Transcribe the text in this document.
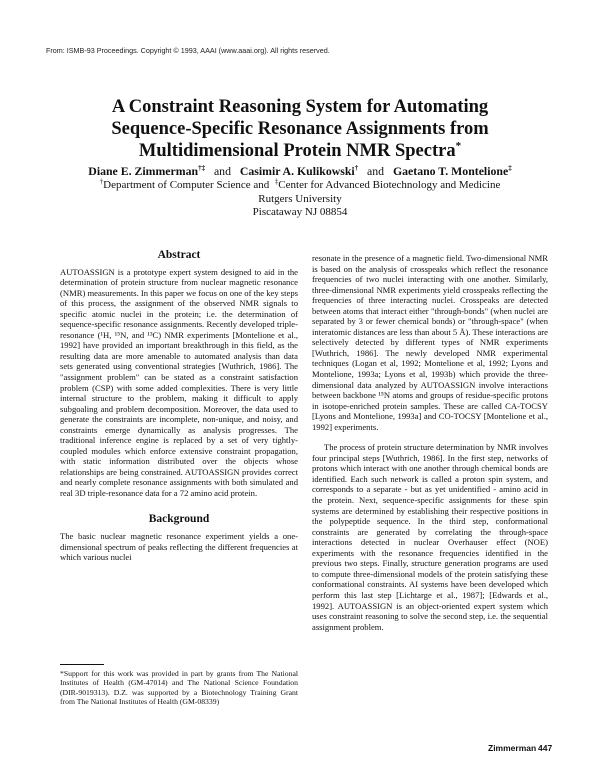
From: ISMB-93 Proceedings. Copyright © 1993, AAAI (www.aaai.org). All rights reserved.
A Constraint Reasoning System for Automating
Sequence-Specific Resonance Assignments from
Multidimensional Protein NMR Spectra*
Diane E. Zimmerman†‡ and Casimir A. Kulikowski† and Gaetano T. Montelione‡
†Department of Computer Science and ‡Center for Advanced Biotechnology and Medicine
Rutgers University
Piscataway NJ 08854

Abstract

AUTOASSIGN is a prototype expert system designed to aid in the determination of protein structure from nuclear magnetic resonance (NMR) measurements. In this paper we focus on one of the key steps of this process, the assignment of the observed NMR signals to specific atomic nuclei in the protein; i.e. the determination of sequence-specific resonance assignments. Recently developed triple-resonance (¹H, ¹⁵N, and ¹³C) NMR experiments [Montelione et al., 1992] have provided an important breakthrough in this field, as the resulting data are more amenable to automated analysis than data sets generated using conventional strategies [Wuthrich, 1986]. The "assignment problem" can be stated as a constraint satisfaction problem (CSP) with some added complexities. There is very little internal structure to the problem, making it difficult to apply subgoaling and problem decomposition. Moreover, the data used to generate the constraints are incomplete, non-unique, and noisy, and constraints emerge dynamically as analysis progresses. The traditional inference engine is replaced by a set of very tightly-coupled modules which enforce extensive constraint propagation, with static information distributed over the objects whose relationships are being constrained. AUTOASSIGN provides correct and nearly complete resonance assignments with both simulated and real 3D triple-resonance data for a 72 amino acid protein.

Background

The basic nuclear magnetic resonance experiment yields a one-dimensional spectrum of peaks reflecting the different frequencies at which various nuclei

*Support for this work was provided in part by grants from The National Institutes of Health (GM-47014) and The National Science Foundation (DIR-9019313). D.Z. was supported by a Biotechnology Training Grant from The National Institutes of Health (GM-08339)

resonate in the presence of a magnetic field. Two-dimensional NMR is based on the analysis of crosspeaks which reflect the resonance frequencies of two nuclei interacting with one another. Similarly, three-dimensional NMR experiments yield crosspeaks reflecting the frequencies of three interacting nuclei. Crosspeaks are detected between atoms that interact either "through-bonds" (when nuclei are separated by 3 or fewer chemical bonds) or "through-space" (when interatomic distances are less than about 5 Å). These interactions are selectively detected by different types of NMR experiments [Wuthrich, 1986]. The newly developed NMR experimental techniques (Logan et al, 1992; Montelione et al, 1992; Lyons and Montelione, 1993a; Lyons et al, 1993b) which provide the three-dimensional data analyzed by AUTOASSIGN involve interactions between backbone ¹⁵N atoms and groups of residue-specific protons in isotope-enriched protein samples. These are called CA-TOCSY [Lyons and Montelione, 1993a] and CO-TOCSY [Montelione et al., 1992] experiments.

The process of protein structure determination by NMR involves four principal steps [Wuthrich, 1986]. In the first step, networks of protons which interact with one another through chemical bonds are identified. Each such network is called a proton spin system, and corresponds to a separate - but as yet unidentified - amino acid in the protein. Next, sequence-specific assignments for these spin systems are determined by establishing their respective positions in the polypeptide sequence. In the third step, conformational constraints are generated by correlating the through-space interactions detected in nuclear Overhauser effect (NOE) experiments with the resonance frequencies identified in the previous two steps. Finally, structure generation programs are used to compute three-dimensional models of the protein satisfying these conformational constraints. AI systems have been developed which perform this last step [Lichtarge et al., 1987]; [Edwards et al., 1992]. AUTOASSIGN is an object-oriented expert system which uses constraint reasoning to solve the second step, i.e. the sequential assignment problem.

Zimmerman 447
